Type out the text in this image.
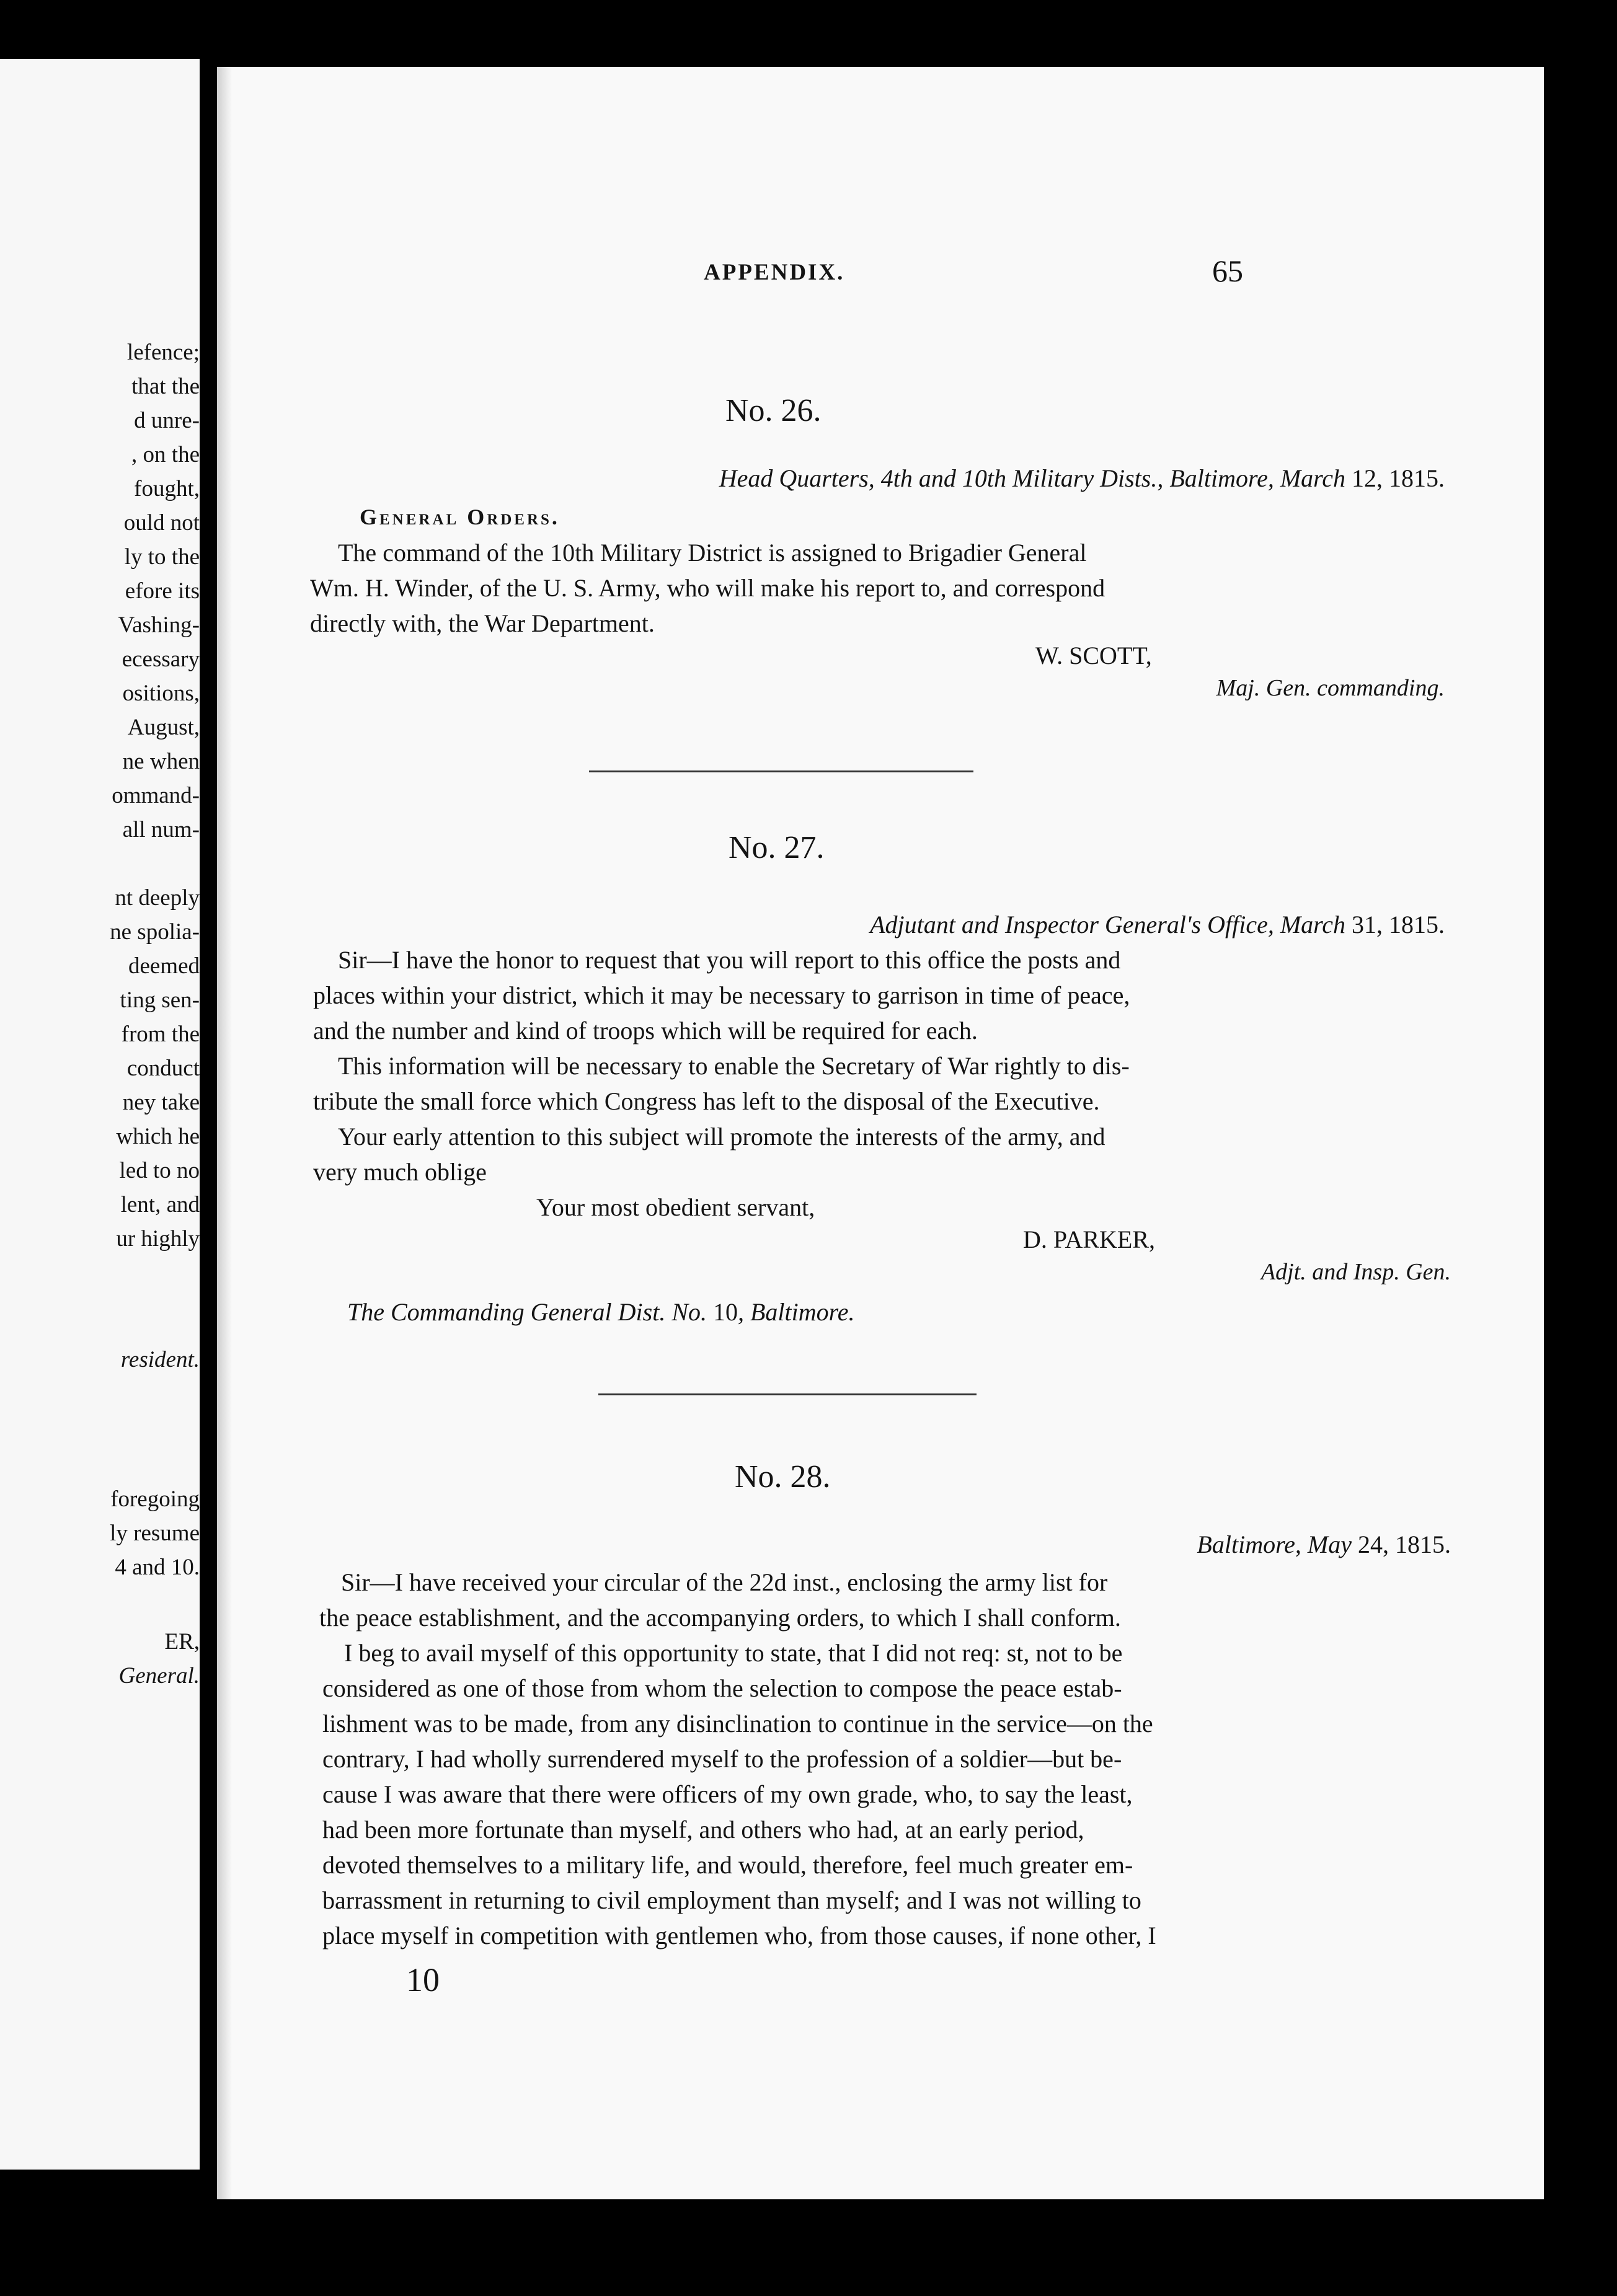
lefence;
that the
d unre-
, on the
fought,
ould not
ly to the
efore its
Vashing-
ecessary
ositions,
August,
ne when
ommand-
all num-
nt deeply
ne spolia-
deemed
ting sen-
from the
conduct
ney take
which he
led to no
lent, and
ur highly
resident.
foregoing
ly resume
4 and 10.
ER,
General.
APPENDIX.	65
No. 26.
Head Quarters, 4th and 10th Military Dists., Baltimore, March 12, 1815.
General Orders.
The command of the 10th Military District is assigned to Brigadier General
Wm. H. Winder, of the U. S. Army, who will make his report to, and correspond
directly with, the War Department.
W. SCOTT,
Maj. Gen. commanding.
No. 27.
Adjutant and Inspector General's Office, March 31, 1815.
Sir—I have the honor to request that you will report to this office the posts and
places within your district, which it may be necessary to garrison in time of peace,
and the number and kind of troops which will be required for each.
This information will be necessary to enable the Secretary of War rightly to dis-
tribute the small force which Congress has left to the disposal of the Executive.
Your early attention to this subject will promote the interests of the army, and
very much oblige
Your most obedient servant,
D. PARKER,
Adjt. and Insp. Gen.
The Commanding General Dist. No. 10, Baltimore.
No. 28.
Baltimore, May 24, 1815.
Sir—I have received your circular of the 22d inst., enclosing the army list for
the peace establishment, and the accompanying orders, to which I shall conform.
I beg to avail myself of this opportunity to state, that I did not req: st, not to be
considered as one of those from whom the selection to compose the peace estab-
lishment was to be made, from any disinclination to continue in the service—on the
contrary, I had wholly surrendered myself to the profession of a soldier—but be-
cause I was aware that there were officers of my own grade, who, to say the least,
had been more fortunate than myself, and others who had, at an early period,
devoted themselves to a military life, and would, therefore, feel much greater em-
barrassment in returning to civil employment than myself; and I was not willing to
place myself in competition with gentlemen who, from those causes, if none other, I
10
